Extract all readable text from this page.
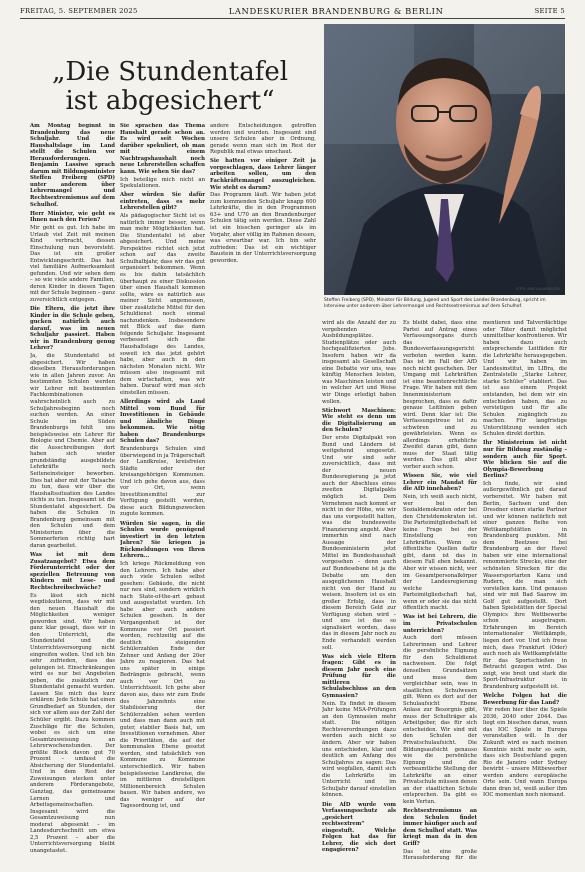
FREITAG, 5. SEPTEMBER 2025	LANDESKURIER BRANDENBURG & BERLIN	SEITE 5
„Die Stundentafel
ist abgesichert“
FOTO: JENS KALAENE/DPA
Steffen Freiberg (SPD), Minister für Bildung, Jugend und Sport des Landes Brandenburg, spricht im Interview unter anderem über Lehrermangel und Rechtsextremismus auf dem Schulhof.

Am Montag beginnt in Brandenburg das neue Schuljahr. Und die Haushaltslage im Land stellt die Schulen vor Herausforderungen. Benjamin Lassiwe sprach darum mit Bildungsminister Steffen Freiberg (SPD) unter anderem über Lehrermangel und Rechtsextremismus auf dem Schulhof.

Herr Minister, wie geht es Ihnen nach den Ferien?

Mir geht es gut. Ich habe im Urlaub viel Zeit mit meinen Kind verbracht, dessen Einschulung nun bevorsteht. Das ist ein großer Entwicklungsschritt. Das hat viel familiäre Aufmerksamkeit gefunden. Und wir sehen dem – so wie viele andere Familien, deren Kinder in diesen Tagen mit der Schule beginnen – ganz zuversichtlich entgegen.

Die Eltern, die jetzt ihre Kinder in die Schule geben, gucken natürlich auch darauf, was im neuen Schuljahr passiert. Haben wir in Brandenburg genug Lehrer?

Ja, die Stundentafel ist abgesichert. Wir haben dieselben Herausforderungen wie in allen Jahren zuvor. An bestimmten Schulen werden wir Lehrer mit bestimmten Fachkombinationen wahrscheinlich auch zu Schuljahresbeginn noch suchen werden. An einer Schule im Süden Brandenburgs fehlt uns beispielsweise ein Lehrer für Biologie und Chemie. Aber auf die Ausschreibungen dort haben sich wieder grundständig ausgebildete Lehrkräfte noch Seiteneinsteiger beworben. Dies hat aber mit der Tatsache zu tun, dass wir über die Haushaltssituation des Landes nichts zu tun. Insgesamt ist die Stundentafel abgesichert. Da haben die Schulen in Brandenburg gemeinsam mit den Schulen und dem Ministerium über die Sommerferien richtig hart daran gearbeitet.

Was ist mit dem Zusatzangebot? Etwa dem Förderunterricht oder der speziellen Betreuung von Kindern mit Lese- und Rechtschreibschwäche?

Es lässt sich nicht wegdiskutieren, dass wir mit den neuen Haushalt die Möglichkeiten weniger geworden sind. Wir haben ganz klar gesagt, dass wir in den Unterricht, die Stundentafel und die Unterrichtsversorgung nicht eingreifen wollen. Und ich bin sehr zufrieden, dass das gelungen ist. Einschränkungen wird es nur bei Angeboten geben, die zusätzlich zur Stundentafel gemacht wurden. Lassen Sie mich das kurz erklären: Jede Schule hat einen Grundbedarf an Stunden, der sich vor allem aus der Zahl der Schüler ergibt. Dazu kommen Zuschläge für die Schulen, wobei es sich um eine Gesamtzuweisung an Lehrerwochenstunden. Der größte Block davon gut 70 Prozent – umfasst die Absicherung der Stundentafel. Und in dem Rest der Zuweisungen stecken unter anderem Förderangebote, Ganztag, das gemeinsame Lernen und Arbeitsgemeinschaften. Insgesamt wird die Gesamtzuweisung nun moderat abgesenkt – im Landesdurchschnitt um etwa 2,5 Prozent – aber die Unterrichtsversorgung bleibt unangetastet.

Sie sprachen das Thema Haushalt gerade schon an. Es wird seit Wochen darüber spekuliert, ob man mit einem Nachtragshaushalt noch neue Lehrerstellen schaffen kann. Wie sehen Sie das?

Ich beteilige mich nicht an Spekulationen.

Aber würden Sie dafür eintreten, dass es mehr Lehrerstellen gibt?

Als pädagogischer Sicht ist es natürlich immer besser, wenn man mehr Möglichkeiten hat. Die Stundentafel ist aber abgesichert. Und meine Perspektive richtet sich jetzt schon auf das zweite Schulhalbjahr, dass wir das gut organisiert bekommen. Wenn es bis dahin tatsächlich überhaupt zu einer Diskussion über einen Haushalt kommen sollte, wäre es natürlich aus meiner Sicht angemessen, über zusätzliche Mittel für den Schuldienst noch einmal nachzudenken. Insbesondere mit Blick auf das dann folgende Schuljahr. Insgesamt verbessert sich die Haushaltslage des Landes, soweit ich das jetzt gehört habe, aber auch in den nächsten Monaten nicht. Wir müssen also insgesamt mit dem wirtschaften, was wir haben. Darauf wird man sich einstellen müssen.

Allerdings wird als Land Mittel vom Bund für Investitionen in Gebäude und ähnliche Dinge bekommen. Wie nötig haben Brandenburgs Schulen das?

Brandenburgs Schulen sind überwiegend in ja Trägerschaft der Landkreise, kreisfreien Städte oder der kreisangehörigen Kommunen. Und ich gehe davon aus, dass vor Ort, wenn Investitionsmittel zur Verfügung gestellt werden, diese auch Bildungszwecken zugute kommen.

Würden Sie sagen, in die Schulen wurde genügend investiert in den letzten Jahren? Sie kriegen ja Rückmeldungen von Ihren Lehrern...

Ich kriege Rückmeldung von den Lehrern. Ich habe aber auch viele Schulen selbst gesehen: Gebäude, die nicht nur neu sind, sondern wirklich nach State-of-the-art gebaut und ausgestattet wurden. Ich habe aber auch andere Schulen gesehen. In der Vergangenheit ist der Kommune vor Ort passiert worden, rechtzeitig auf die deutlich steigenden Schülerzahlen Ende der Zehner und Anfang der 20er Jahre zu reagieren. Das hat uns später in einige Bedrängnis gebracht, wenn auch vor Ort zu Unterrichtszeit. Ich gehe aber davon aus, dass wir zum Ende des Jahrzehnts eine Stabilisierung der Schülerzahlen sehen werden und dass man dann auch mit guter, stabiler Basis hat, um Investitionen vornehmen. Aber die Prioritäten, die auf der kommunalen Ebene gesetzt werden, sind tatsächlich von Kommune zu Kommune unterschiedlich. Wir haben beispielsweise Landkreise, die im mittleren dreistelligen Millionenbereich Schulen bauen. Wir haben andere, wo das weniger auf der Tagesordnung ist, und

andere Entscheidungen getroffen werden und wurden. Insgesamt sind unsere Schulen aber in Ordnung, gerade wenn man sich im Rest der Republik mal etwas umschaut.

Sie hatten vor einiger Zeit ja vorgeschlagen, dass Lehrer länger arbeiten sollen, um den Fachkräftemangel auszugleichen. Wie steht es darum?

Das Programm läuft. Wir haben jetzt zum kommenden Schuljahr knapp 600 Lehrkräfte, die in den Programmen 63+ und U70 an den Brandenburger Schulen tätig sein werden. Diese Zahl ist ein bisschen geringer als im Vorjahr, aber völlig im Rahmen dessen, was erwartbar war. Ich bin sehr zufrieden: Das ist ein wichtiger Baustein in der Unterrichtsversorgung geworden.

wird als die Anzahl der zu vergebenden Ausbildungsplätze. Studienplätze oder auch hochqualifizierten Jobs. Insofern haben wir da insgesamt als Gesellschaft eine Debatte vor uns, was künftig Menschen leisten, was Maschinen leisten und in welcher Art und Weise wir Dinge erledigt haben wollen.

Stichwort Maschinen: Wie steht es denn um die Digitalisierung an den Schulen?

Der erste Digitalpakt von Bund und Ländern ist weitgehend umgesetzt. Und wir sind sehr zuversichtlich, dass mit der neuen Bundesregierung ja jetzt auch der Abschluss eines zweiten Digitalpakts möglich ist. Dem Vernehmen nach kommt er nicht in der Höhe, wie wir das uns vorgestellt hatten, was die bundesweite Finanzierung angeht. Aber immerhin sind nach Aussage der Bundesministerin jetzt Mittel im Bundeshaushalt vorgesehen – denn auch auf Bundesebene ist ja die Debatte um den ausgeglichenen Haushalt nicht von der Hand zu weisen. Insofern ist es ein großer Erfolg, dass in diesem Bereich Geld zur Verfügung stehen wird – und uns ist das so signalisiert worden, dass das in diesem Jahr noch zu Ende verhandelt werden soll.

Was sich viele Eltern fragen: Gibt es in diesem Jahr noch eine Prüfung für die mittleren Schulabschluss an den Gymnasien?

Nein. Es findet in diesem Jahr keine MSA-Prüfungen an den Gymnasien mehr statt. Die nötigen Rechtsverordnungen dazu werden auch nicht so ändern. Aber wir haben uns entschieden, klar und deutlich am Anfang des Schuljahres zu sagen: Das wird wegfallen, damit sich die Lehrkräfte im Unterricht und im Schuljahr darauf einstellen können.

Die AfD wurde vom Verfassungsschutz als „gesichert rechtsextrem“ eingestuft. Welche Folgen hat das für Lehrer, die sich dort engagieren?

Es bleibt dabei, dass eine Partei auf Antrag eines Verfassungsorgans durch das Bundesverfassungsgericht verboten werden kann. Das ist im Fall der AfD noch nicht geschehen. Der Umgang mit Lehrkräften ist eine beamtenrechtliche Frage. Wir haben mit dem Innenministerium besprochen, dass es dafür genaue Leitlinien geben wird. Denn klar ist: Die Verfassungstreue ist zu schwören und zu gewährleisten. Wenn es allerdings erhebliche Zweifel daran gibt, dann muss der Staat tätig werden. Das gilt aber vorher auch schon.

Wissen Sie, wie viel Lehrer ein Mandat für die AfD innehaben?

Nein, ich weiß auch nicht, wer bei den Sozialdemokraten oder bei den Christdemokraten ist. Die Parteimitgliedschaft ist keine Frage bei der Einstellung von Lehrkräften. Wenn es öffentliche Quellen dafür gibt, dann ist das in diesem Fall eben bekannt. Aber wir wissen nicht, wer im Gesamtpersonalkörper der Landesregierung welche Parteimitgliedschaft hat, wenn er oder sie das nicht öffentlich macht.

Was ist bei Lehrern, die im Privatschulen unterrichten?

Auch dort müssen Lehrerinnen und Lehrer die persönliche Eignung für den Schuldienst nachweisen. Die folgt denselben Grundsätzen und muss dem vergleichbar sein, was in staatlichen Schulwesen gilt. Wenn es dort auf der Schulaufsicht Ebene Anlass zur Besorgnis gibt, muss der Schulträger als Arbeitgeber, das für sich entscheiden. Wir sind mit den Schulen der Privatschulaufsicht. Die Bildungsaufsicht genauso wie die persönliche Eignung und die verbeamtliche Stellung der Lehrkräfte an einer Privatschule müssen denen an der staatlichen Schule entsprechen. Da gibt es kein Vertun.

Rechtsextremismus an den Schulen findet immer häufiger auch auf dem Schulhof statt. Was kriegt man da in den Griff?

Das ist eine große Herausforderung für die

mentieren und Tatverdächtige oder Täter damit möglichst unmittelbar konfrontieren. Wir haben dazu auch entsprechende Leitfäden für die Lehrkräfte herausgegeben. Und wir haben im Landesinstitut, im LIBra, die Zentralstelle „Starke Lehrer, starke Schüler“ etabliert. Das ist aus einem Projekt entstanden, bei dem wir ein entschieden haben, das zu verstetigen und für alle Schulen zugänglich zu machen. Für langfristige Unterstützung wenden sich Schulen direkt dorthin.

Ihr Ministerium ist nicht nur für Bildung zuständig – sondern auch für Sport. Wie blicken Sie auf die Olympia-Bewerbung Berlins?

Ich finde, wir sind außergewöhnlich gut darauf vorbereitet. Wir haben mit Berlin, Sachsen und den Dresdner einen starke Partner und wir können natürlich mit einer ganzen Reihe von Wettkampfstätten in Brandenburg punkten. Mit dem Beetzsee bei Brandenburg an der Havel haben wir eine international renommierte Strecke, eine der schönsten Strecken für die Wassersportarten Kanu und Rudern, die man sich vorstellen kann. Und genauso sind wir mit Bad Saarow im Golf gut aufgestellt. Dort haben Spielstätten der Special Olympics ihre Wettbewerbe schon ausgetragen. Erfahrungen im Bereich internationaler Wettkämpfe, liegen dort vor. Und ich freue mich, dass Frankfurt (Oder) auch noch als Wettkampfstätte für das Sportschießen in Betracht gezogen wird. Das zeigt, wie breit und stark die Sport-Infrastruktur in Brandenburg aufgestellt ist.

Welche Folgen hat die Bewerbung für das Land?

Wir reden hier über die Spiele 2036, 2040 oder 2044. Das liegt ein bisschen daran, wann das IOC Spiele in Europa veranstalten will. In der Zukunft wird es nach meinen Kenntnis nicht mehr so sein, dass sich Deutschland gegen Rio de Janeiro oder Sydney bewirbt – unsere Mitbewerber werden andere europäische Orte sein. Und wann Europa dann dran ist, weiß außer ihm IOC momentan noch niemand.
